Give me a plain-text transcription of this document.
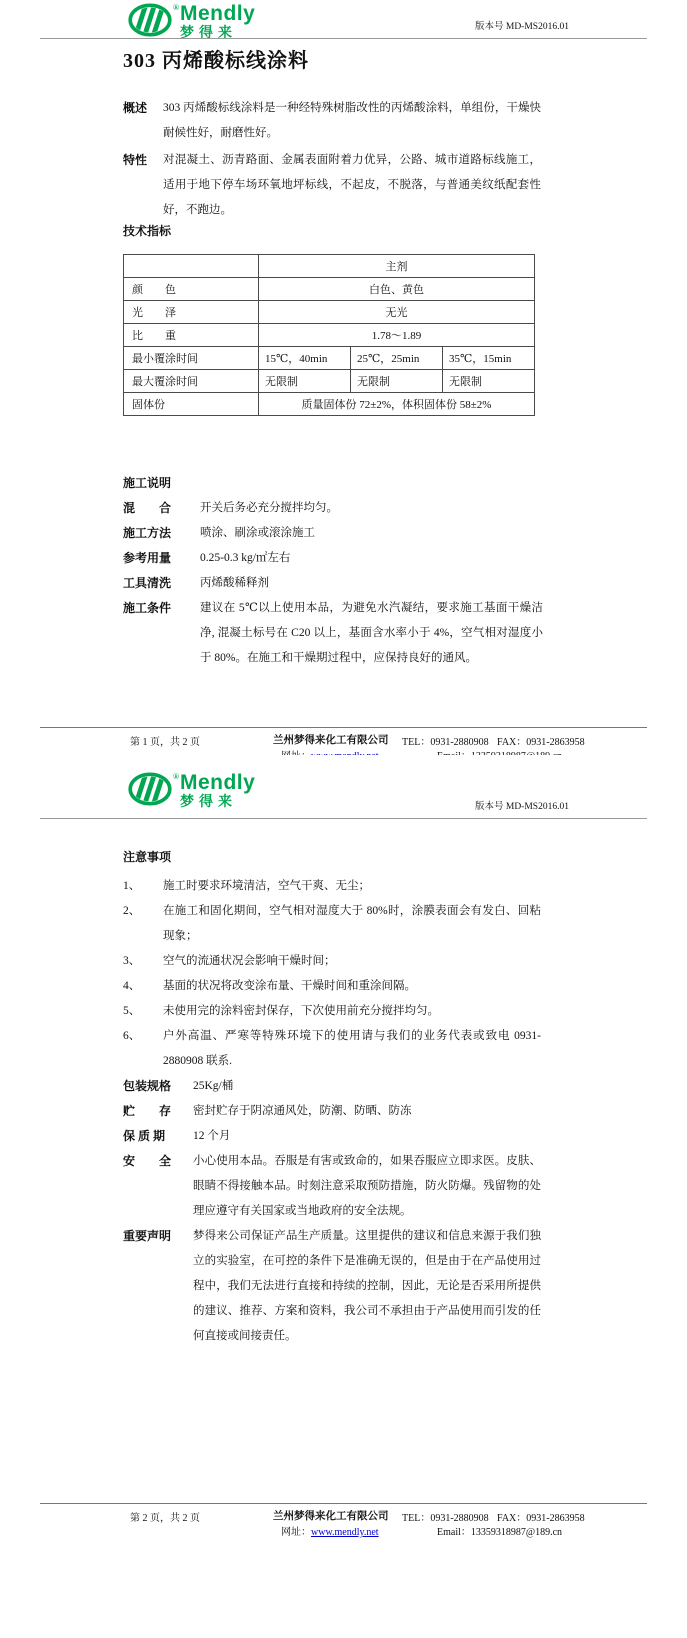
® Mendly
梦得来	版本号 MD-MS2016.01
303 丙烯酸标线涂料
概述	303 丙烯酸标线涂料是一种经特殊树脂改性的丙烯酸涂料，单组份，干燥快耐候性好，耐磨性好。
特性	对混凝土、沥青路面、金属表面附着力优异，公路、城市道路标线施工，适用于地下停车场环氧地坪标线，不起皮，不脱落，与普通美纹纸配套性好，不跑边。
技术指标
	主剂		
颜　　色	白色、黄色		
光　　泽	无光		
比　　重	1.78～1.89		
最小覆涂时间	15℃，40min	25℃，25min	35℃，15min
最大覆涂时间	无限制	无限制	无限制
固体份	质量固体份 72±2%，体积固体份 58±2%		
施工说明
混　　合	开关后务必充分搅拌均匀。
施工方法	喷涂、刷涂或滚涂施工
参考用量	0.25-0.3 kg/㎡左右
工具清洗	丙烯酸稀释剂
施工条件	建议在 5℃以上使用本品，为避免水汽凝结，要求施工基面干燥洁净, 混凝土标号在 C20 以上，基面含水率小于 4%，空气相对湿度小于 80%。在施工和干燥期过程中，应保持良好的通风。
第 1 页，共 2 页	兰州梦得来化工有限公司 TEL：0931-2880908 FAX：0931-2863958
® Mendly
梦得来	版本号 MD-MS2016.01
注意事项
1、	施工时要求环境清洁，空气干爽、无尘；
2、	在施工和固化期间，空气相对湿度大于 80%时，涂膜表面会有发白、回粘现象；
3、	空气的流通状况会影响干燥时间；
4、	基面的状况将改变涂布量、干燥时间和重涂间隔。
5、	未使用完的涂料密封保存，下次使用前充分搅拌均匀。
6、	户外高温、严寒等特殊环境下的使用请与我们的业务代表或致电 0931-2880908 联系.
包装规格	25Kg/桶
贮　　存	密封贮存于阴凉通风处，防潮、防晒、防冻
保 质 期	12 个月
安　　全	小心使用本品。吞服是有害或致命的，如果吞服应立即求医。皮肤、眼睛不得接触本品。时刻注意采取预防措施，防火防爆。残留物的处理应遵守有关国家或当地政府的安全法规。
重要声明	梦得来公司保证产品生产质量。这里提供的建议和信息来源于我们独立的实验室，在可控的条件下是准确无误的，但是由于在产品使用过程中，我们无法进行直接和持续的控制，因此，无论是否采用所提供的建议、推荐、方案和资料，我公司不承担由于产品使用而引发的任何直接或间接责任。
第 2 页，共 2 页	兰州梦得来化工有限公司 TEL：0931-2880908 FAX：0931-2863958
网址：www.mendly.net	Email：13359318987@189.cn
